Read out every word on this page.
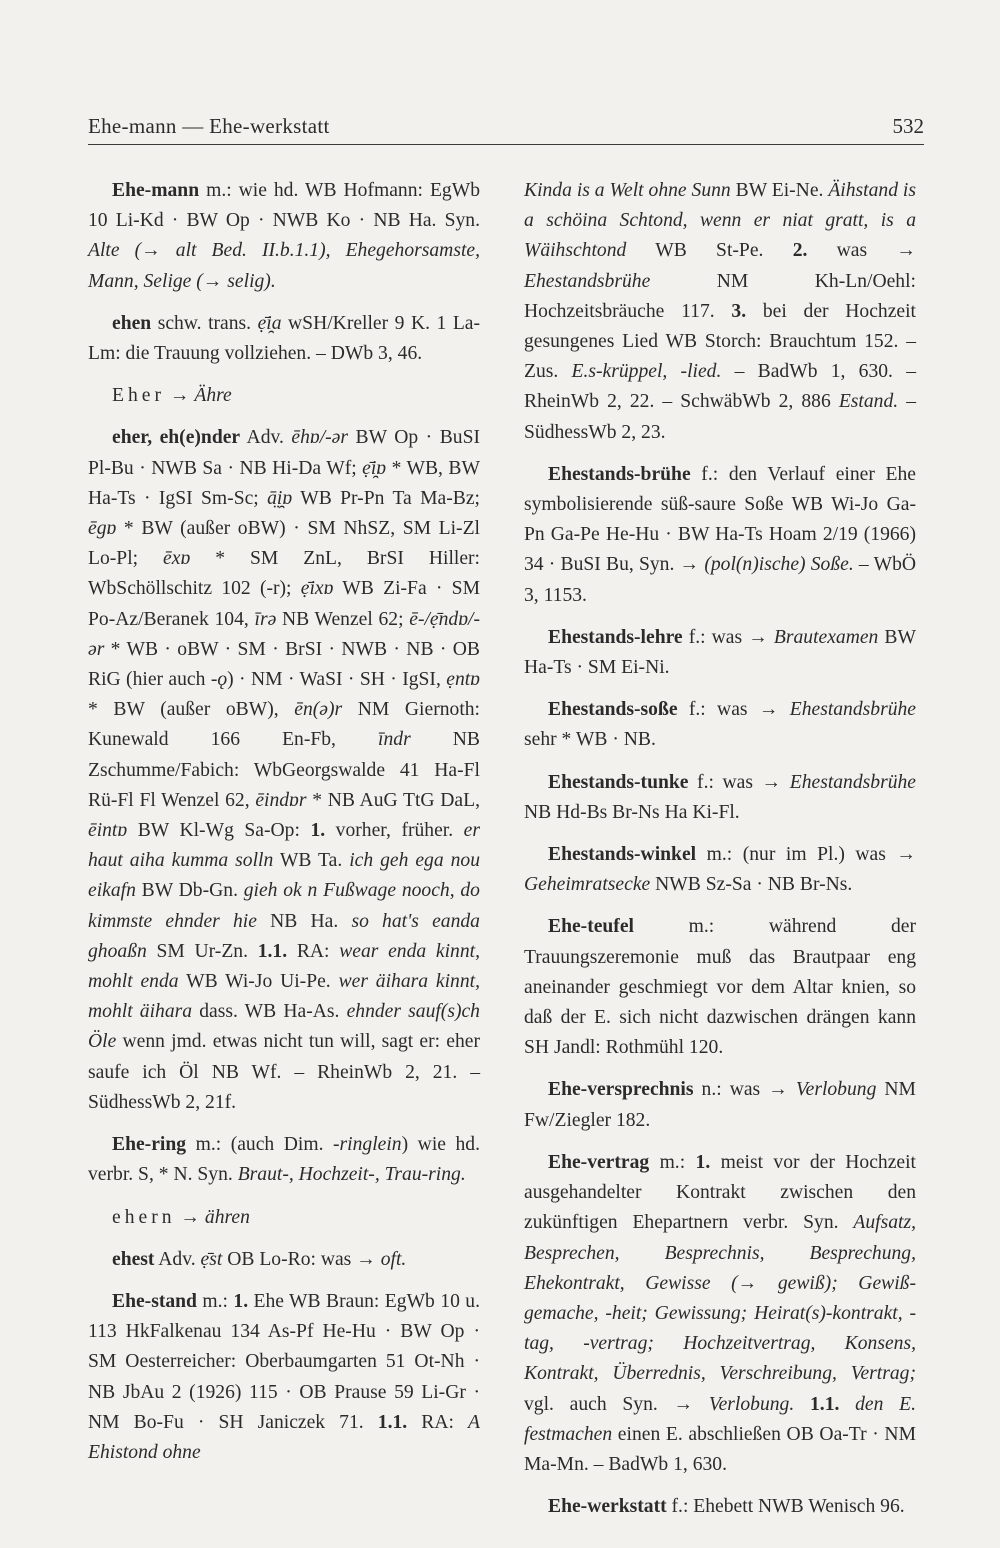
Ehe-mann — Ehe-werkstatt	532

Ehe-mann m.: wie hd. WB Hofmann: EgWb 10 Li-Kd · BW Op · NWB Ko · NB Ha. Syn. Alte (→ alt Bed. II.b.1.1), Ehegehorsamste, Mann, Selige (→ selig).

ehen schw. trans. ẹ̄i̯a wSH/Kreller 9 K. 1 La-Lm: die Trauung vollziehen. – DWb 3, 46.

Eher → Ähre

eher, eh(e)nder Adv. ēhɒ/-ər BW Op · BuSI Pl-Bu · NWB Sa · NB Hi-Da Wf; ẹ̄i̯ɒ * WB, BW Ha-Ts · IgSI Sm-Sc; ā̤i̯ɒ WB Pr-Pn Ta Ma-Bz; ēgɒ * BW (außer oBW) · SM NhSZ, SM Li-Zl Lo-Pl; ēxɒ * SM ZnL, BrSI Hiller: WbSchöllschitz 102 (-r); ẹ̄ixɒ WB Zi-Fa · SM Po-Az/Beranek 104, īrə NB Wenzel 62; ē-/ẹ̄ndɒ/-ər * WB · oBW · SM · BrSI · NWB · NB · OB RiG (hier auch -ǫ) · NM · WaSI · SH · IgSI, ẹntɒ * BW (außer oBW), ēn(ə)r NM Giernoth: Kunewald 166 En-Fb, īndr NB Zschumme/Fabich: WbGeorgswalde 41 Ha-Fl Rü-Fl Fl Wenzel 62, ēindɒr * NB AuG TtG DaL, ēintɒ BW Kl-Wg Sa-Op: 1. vorher, früher. er haut aiha kumma solln WB Ta. ich geh ega nou eikafn BW Db-Gn. gieh ok n Fußwage nooch, do kimmste ehnder hie NB Ha. so hat's eanda ghoaßn SM Ur-Zn. 1.1. RA: wear enda kinnt, mohlt enda WB Wi-Jo Ui-Pe. wer äihara kinnt, mohlt äihara dass. WB Ha-As. ehnder sauf(s)ch Öle wenn jmd. etwas nicht tun will, sagt er: eher saufe ich Öl NB Wf. – RheinWb 2, 21. – SüdhessWb 2, 21f.

Ehe-ring m.: (auch Dim. -ringlein) wie hd. verbr. S, * N. Syn. Braut-, Hochzeit-, Trau-ring.

ehern → ähren

ehest Adv. ẹ̄st OB Lo-Ro: was → oft.

Ehe-stand m.: 1. Ehe WB Braun: EgWb 10 u. 113 HkFalkenau 134 As-Pf He-Hu · BW Op · SM Oesterreicher: Oberbaumgarten 51 Ot-Nh · NB JbAu 2 (1926) 115 · OB Prause 59 Li-Gr · NM Bo-Fu · SH Janiczek 71. 1.1. RA: A Ehistond ohne

Kinda is a Welt ohne Sunn BW Ei-Ne. Äihstand is a schöina Schtond, wenn er niat gratt, is a Wäihschtond WB St-Pe. 2. was → Ehestandsbrühe NM Kh-Ln/Oehl: Hochzeitsbräuche 117. 3. bei der Hochzeit gesungenes Lied WB Storch: Brauchtum 152. – Zus. E.s-krüppel, -lied. – BadWb 1, 630. – RheinWb 2, 22. – SchwäbWb 2, 886 Estand. – SüdhessWb 2, 23.

Ehestands-brühe f.: den Verlauf einer Ehe symbolisierende süß-saure Soße WB Wi-Jo Ga-Pn Ga-Pe He-Hu · BW Ha-Ts Hoam 2/19 (1966) 34 · BuSI Bu, Syn. → (pol(n)ische) Soße. – WbÖ 3, 1153.

Ehestands-lehre f.: was → Brautexamen BW Ha-Ts · SM Ei-Ni.

Ehestands-soße f.: was → Ehestandsbrühe sehr * WB · NB.

Ehestands-tunke f.: was → Ehestandsbrühe NB Hd-Bs Br-Ns Ha Ki-Fl.

Ehestands-winkel m.: (nur im Pl.) was → Geheimratsecke NWB Sz-Sa · NB Br-Ns.

Ehe-teufel m.: während der Trauungszeremonie muß das Brautpaar eng aneinander geschmiegt vor dem Altar knien, so daß der E. sich nicht dazwischen drängen kann SH Jandl: Rothmühl 120.

Ehe-versprechnis n.: was → Verlobung NM Fw/Ziegler 182.

Ehe-vertrag m.: 1. meist vor der Hochzeit ausgehandelter Kontrakt zwischen den zukünftigen Ehepartnern verbr. Syn. Aufsatz, Besprechen, Besprechnis, Besprechung, Ehekontrakt, Gewisse (→ gewiß); Gewiß-gemache, -heit; Gewissung; Heirat(s)-kontrakt, -tag, -vertrag; Hochzeitvertrag, Konsens, Kontrakt, Überrednis, Verschreibung, Vertrag; vgl. auch Syn. → Verlobung. 1.1. den E. festmachen einen E. abschließen OB Oa-Tr · NM Ma-Mn. – BadWb 1, 630.

Ehe-werkstatt f.: Ehebett NWB Wenisch 96.
